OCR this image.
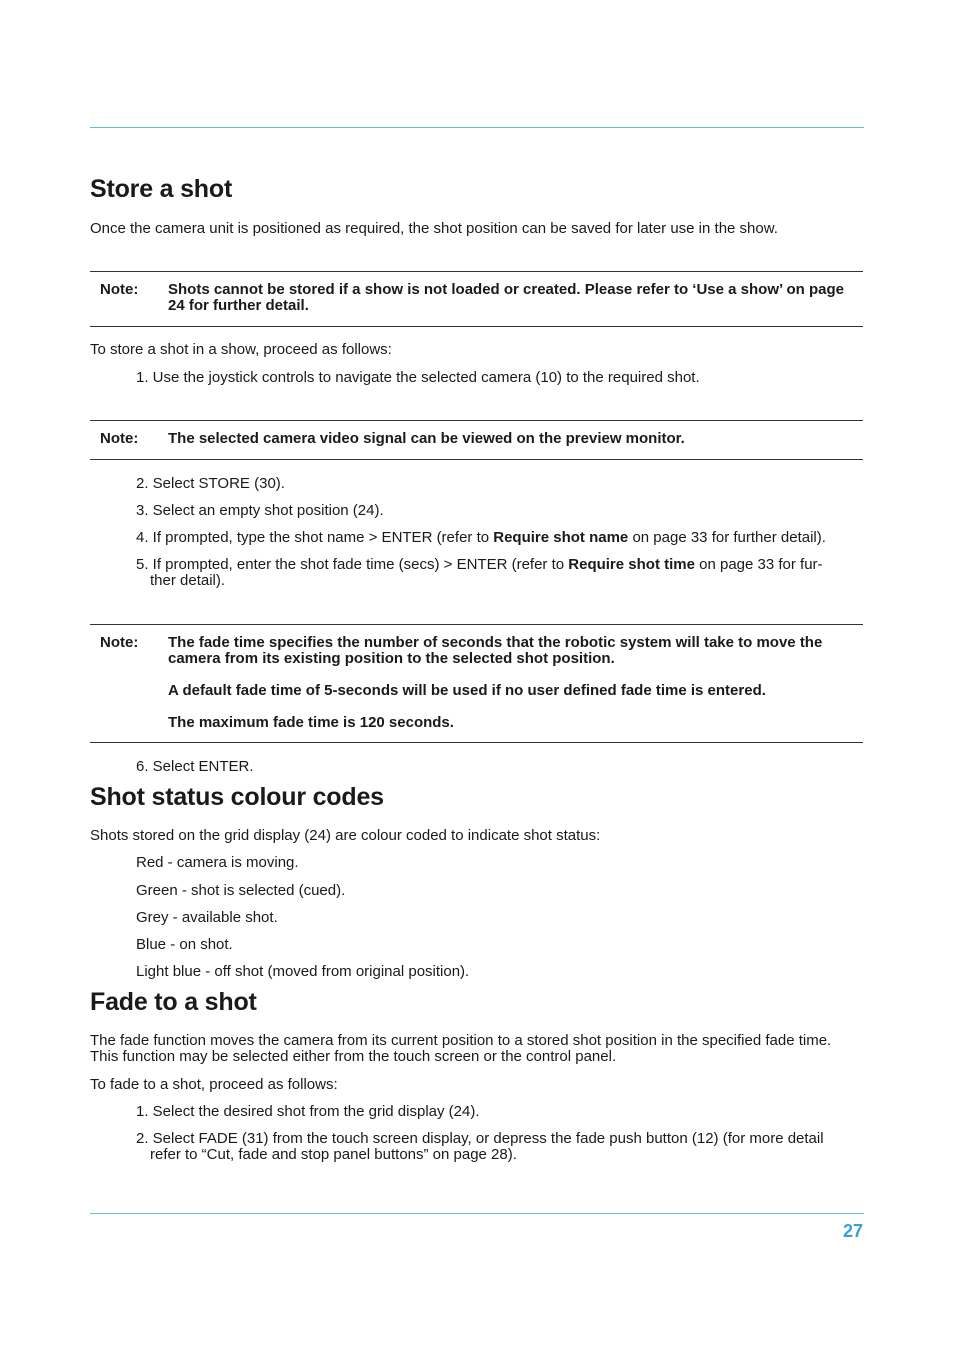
Store a shot

Once the camera unit is positioned as required, the shot position can be saved for later use in the show.

Note: Shots cannot be stored if a show is not loaded or created. Please refer to ‘Use a show’ on page 24 for further detail.

To store a shot in a show, proceed as follows:

1. Use the joystick controls to navigate the selected camera (10) to the required shot.

Note: The selected camera video signal can be viewed on the preview monitor.

2. Select STORE (30).

3. Select an empty shot position (24).

4. If prompted, type the shot name > ENTER (refer to Require shot name on page 33 for further detail).

5. If prompted, enter the shot fade time (secs) > ENTER (refer to Require shot time on page 33 for fur-
ther detail).

Note: The fade time specifies the number of seconds that the robotic system will take to move the camera from its existing position to the selected shot position.
A default fade time of 5-seconds will be used if no user defined fade time is entered.
The maximum fade time is 120 seconds.

6. Select ENTER.

Shot status colour codes

Shots stored on the grid display (24) are colour coded to indicate shot status:

Red - camera is moving.

Green - shot is selected (cued).

Grey - available shot.

Blue - on shot.

Light blue - off shot (moved from original position).

Fade to a shot

The fade function moves the camera from its current position to a stored shot position in the specified fade time.

This function may be selected either from the touch screen or the control panel.

To fade to a shot, proceed as follows:

1. Select the desired shot from the grid display (24).

2. Select FADE (31) from the touch screen display, or depress the fade push button (12) (for more detail

refer to “Cut, fade and stop panel buttons” on page 28).

27
